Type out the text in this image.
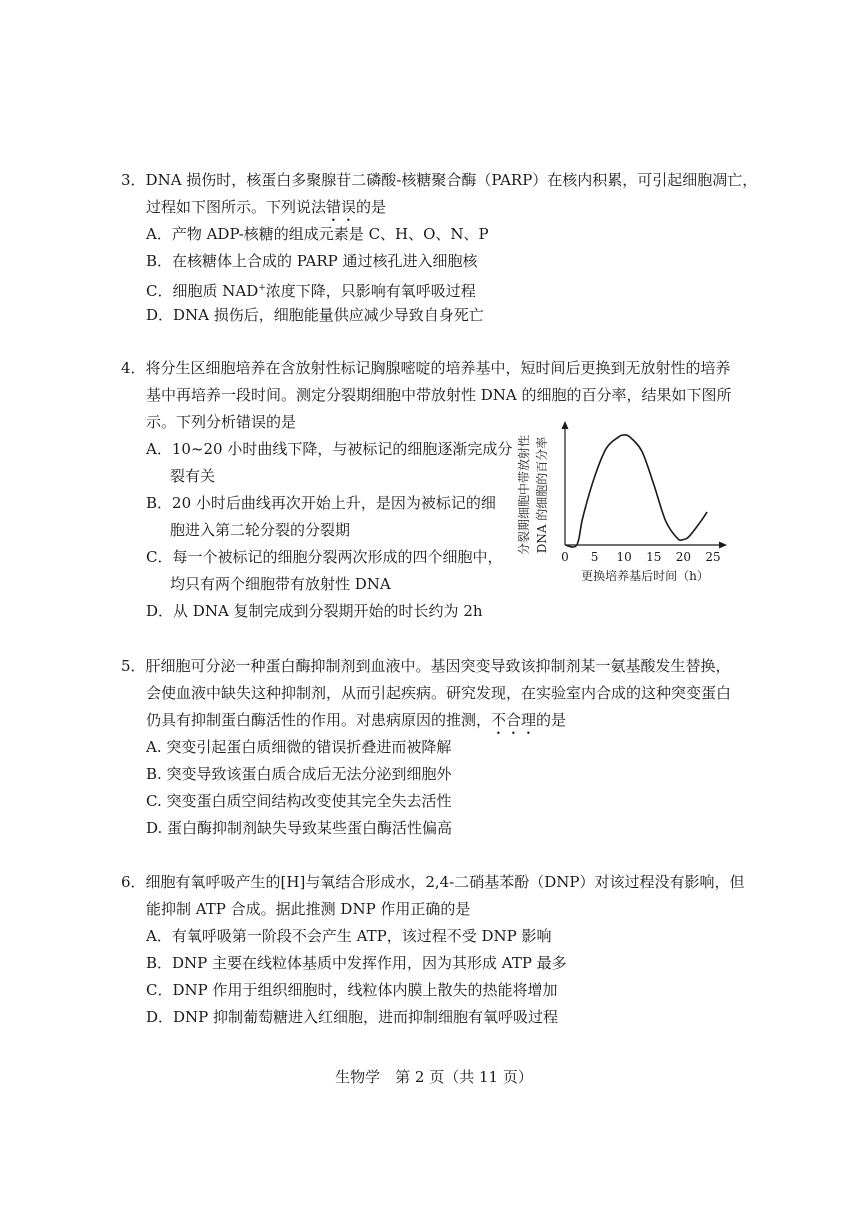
3．DNA 损伤时，核蛋白多聚腺苷二磷酸-核糖聚合酶（PARP）在核内积累，可引起细胞凋亡，
过程如下图所示。下列说法错误的是
A．产物 ADP-核糖的组成元素是 C、H、O、N、P
B．在核糖体上合成的 PARP 通过核孔进入细胞核
C．细胞质 NAD+浓度下降，只影响有氧呼吸过程
D．DNA 损伤后，细胞能量供应减少导致自身死亡
4．将分生区细胞培养在含放射性标记胸腺嘧啶的培养基中，短时间后更换到无放射性的培养
基中再培养一段时间。测定分裂期细胞中带放射性 DNA 的细胞的百分率，结果如下图所
示。下列分析错误的是
A．10~20 小时曲线下降，与被标记的细胞逐渐完成分
裂有关
B．20 小时后曲线再次开始上升，是因为被标记的细
胞进入第二轮分裂的分裂期
C．每一个被标记的细胞分裂两次形成的四个细胞中，
均只有两个细胞带有放射性 DNA
D．从 DNA 复制完成到分裂期开始的时长约为 2h
分裂期细胞中带放射性 DNA 的细胞的百分率
0 5 10 15 20 25
更换培养基后时间（h）
5．肝细胞可分泌一种蛋白酶抑制剂到血液中。基因突变导致该抑制剂某一氨基酸发生替换，
会使血液中缺失这种抑制剂，从而引起疾病。研究发现，在实验室内合成的这种突变蛋白
仍具有抑制蛋白酶活性的作用。对患病原因的推测，不合理的是
A. 突变引起蛋白质细微的错误折叠进而被降解
B. 突变导致该蛋白质合成后无法分泌到细胞外
C. 突变蛋白质空间结构改变使其完全失去活性
D. 蛋白酶抑制剂缺失导致某些蛋白酶活性偏高
6．细胞有氧呼吸产生的[H]与氧结合形成水，2,4-二硝基苯酚（DNP）对该过程没有影响，但
能抑制 ATP 合成。据此推测 DNP 作用正确的是
A．有氧呼吸第一阶段不会产生 ATP，该过程不受 DNP 影响
B．DNP 主要在线粒体基质中发挥作用，因为其形成 ATP 最多
C．DNP 作用于组织细胞时，线粒体内膜上散失的热能将增加
D．DNP 抑制葡萄糖进入红细胞，进而抑制细胞有氧呼吸过程
生物学　第 2 页（共 11 页）
